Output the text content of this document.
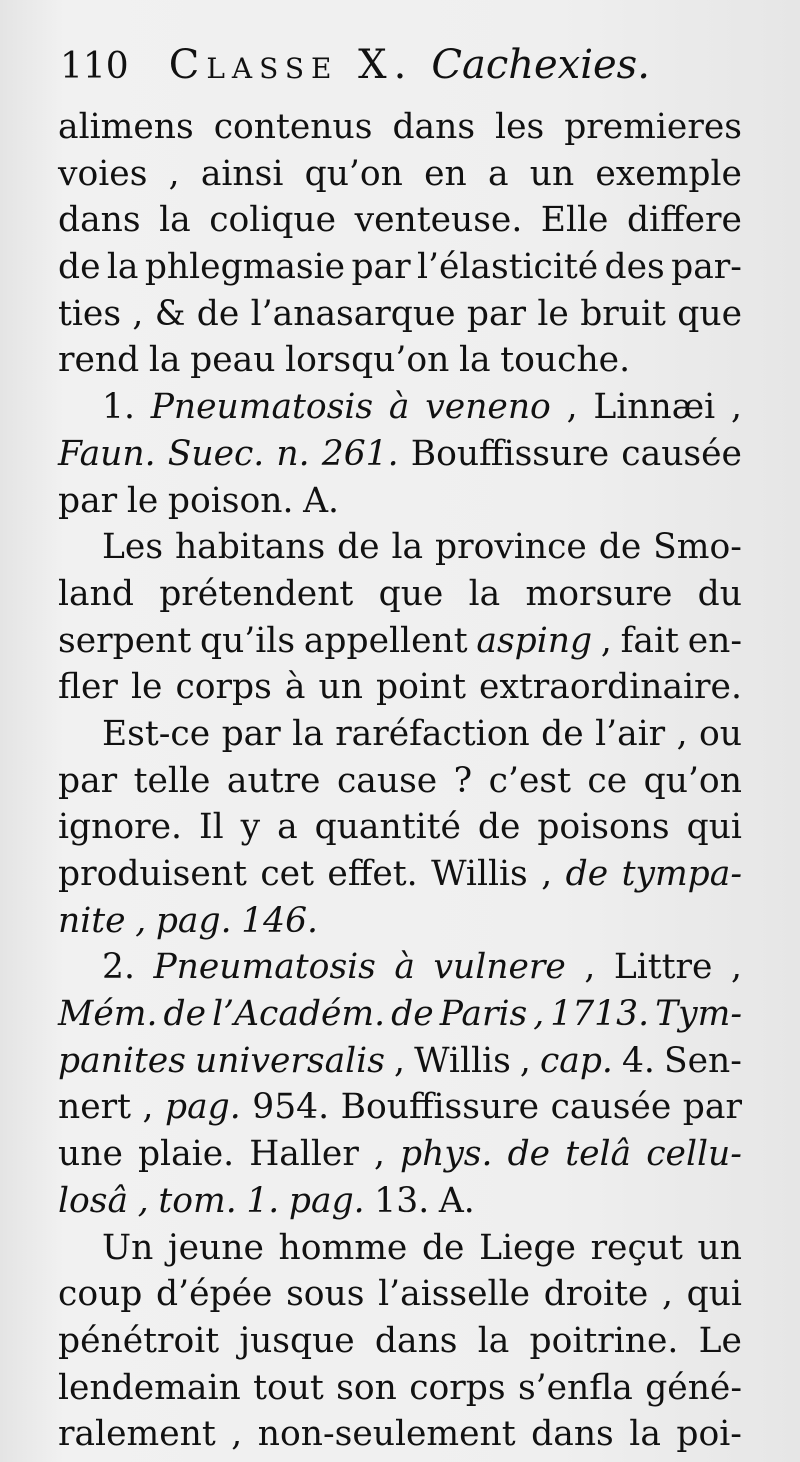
110 Classe X. Cachexies.
alimens contenus dans les premieres
voies , ainsi qu’on en a un exemple
dans la colique venteuse. Elle differe
de la phlegmasie par l’élasticité des par-
ties , & de l’anasarque par le bruit que
rend la peau lorsqu’on la touche.
1. Pneumatosis à veneno , Linnæi ,
Faun. Suec. n. 261. Bouffissure causée
par le poison. A.
Les habitans de la province de Smo-
land prétendent que la morsure du
serpent qu’ils appellent asping , fait en-
fler le corps à un point extraordinaire.
Est-ce par la raréfaction de l’air , ou
par telle autre cause ? c’est ce qu’on
ignore. Il y a quantité de poisons qui
produisent cet effet. Willis , de tympa-
nite , pag. 146.
2. Pneumatosis à vulnere , Littre ,
Mém. de l’Académ. de Paris , 1713. Tym-
panites universalis , Willis , cap. 4. Sen-
nert , pag. 954. Bouffissure causée par
une plaie. Haller , phys. de telâ cellu-
losâ , tom. 1. pag. 13. A.
Un jeune homme de Liege reçut un
coup d’épée sous l’aisselle droite , qui
pénétroit jusque dans la poitrine. Le
lendemain tout son corps s’enfla géné-
ralement , non-seulement dans la poi-
